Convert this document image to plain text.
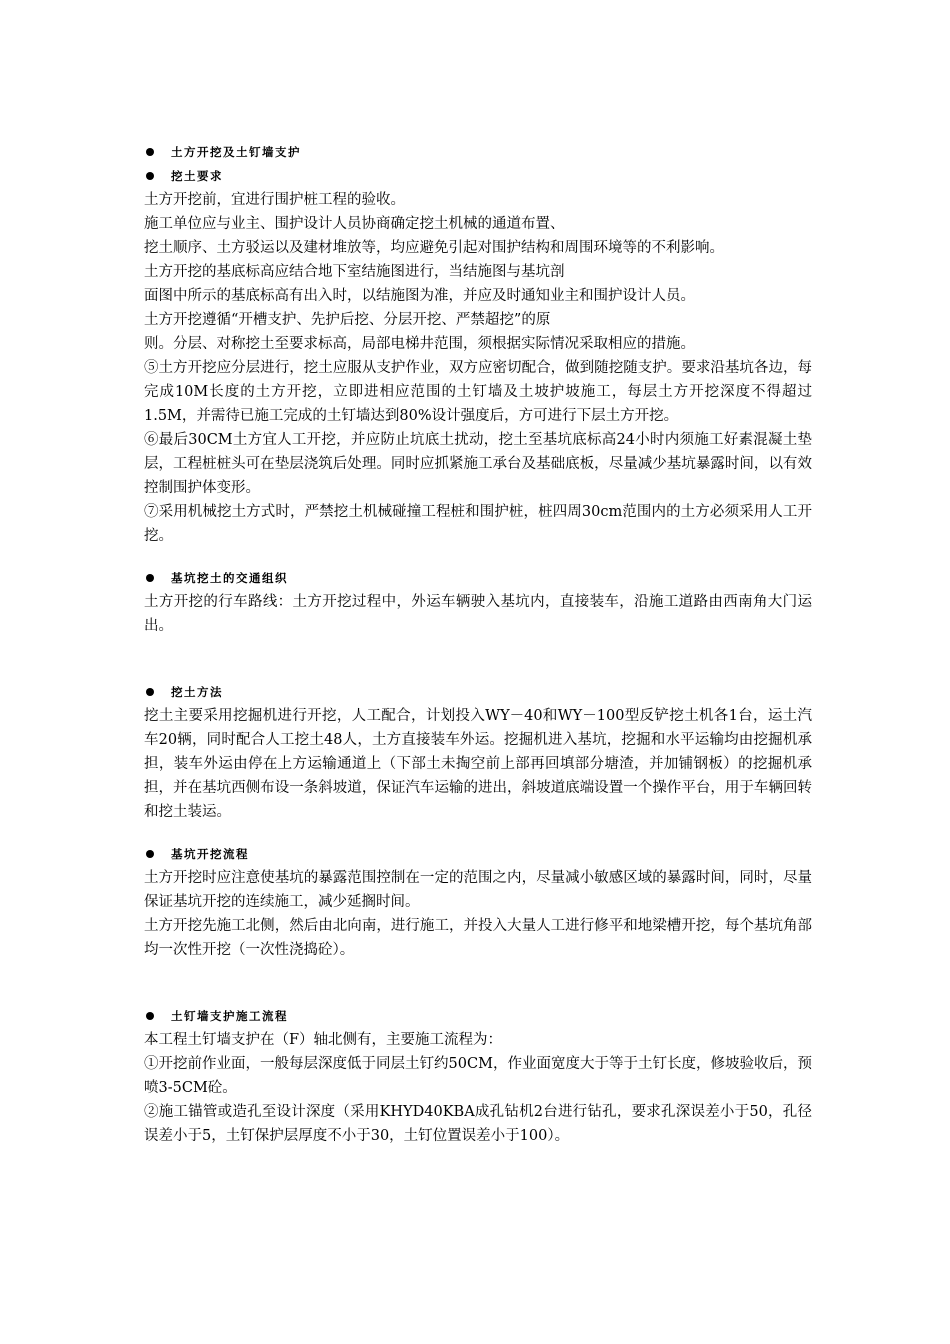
土方开挖及土钉墙支护
挖土要求
土方开挖前，宜进行围护桩工程的验收。
施工单位应与业主、围护设计人员协商确定挖土机械的通道布置、
挖土顺序、土方驳运以及建材堆放等，均应避免引起对围护结构和周围环境等的不利影响。
土方开挖的基底标高应结合地下室结施图进行，当结施图与基坑剖
面图中所示的基底标高有出入时，以结施图为准，并应及时通知业主和围护设计人员。
土方开挖遵循“开槽支护、先护后挖、分层开挖、严禁超挖”的原
则。分层、对称挖土至要求标高，局部电梯井范围，须根据实际情况采取相应的措施。
⑤土方开挖应分层进行，挖土应服从支护作业，双方应密切配合，做到随挖随支护。要求沿基坑各边，每完成10M长度的土方开挖，立即进相应范围的土钉墙及土坡护坡施工，每层土方开挖深度不得超过1.5M，并需待已施工完成的土钉墙达到80%设计强度后，方可进行下层土方开挖。
⑥最后30CM土方宜人工开挖，并应防止坑底土扰动，挖土至基坑底标高24小时内须施工好素混凝土垫层，工程桩桩头可在垫层浇筑后处理。同时应抓紧施工承台及基础底板，尽量减少基坑暴露时间，以有效控制围护体变形。
⑦采用机械挖土方式时，严禁挖土机械碰撞工程桩和围护桩，桩四周30cm范围内的土方必须采用人工开挖。
基坑挖土的交通组织
土方开挖的行车路线：土方开挖过程中，外运车辆驶入基坑内，直接装车，沿施工道路由西南角大门运出。
挖土方法
挖土主要采用挖掘机进行开挖，人工配合，计划投入WY－40和WY－100型反铲挖土机各1台，运土汽车20辆，同时配合人工挖土48人，土方直接装车外运。挖掘机进入基坑，挖掘和水平运输均由挖掘机承担，装车外运由停在上方运输通道上（下部土未掏空前上部再回填部分塘渣，并加铺钢板）的挖掘机承担，并在基坑西侧布设一条斜坡道，保证汽车运输的进出，斜坡道底端设置一个操作平台，用于车辆回转和挖土装运。
基坑开挖流程
土方开挖时应注意使基坑的暴露范围控制在一定的范围之内，尽量减小敏感区域的暴露时间，同时，尽量保证基坑开挖的连续施工，减少延搁时间。
土方开挖先施工北侧，然后由北向南，进行施工，并投入大量人工进行修平和地梁槽开挖，每个基坑角部均一次性开挖（一次性浇捣砼）。
土钉墙支护施工流程
本工程土钉墙支护在（F）轴北侧有，主要施工流程为：
①开挖前作业面，一般每层深度低于同层土钉约50CM，作业面宽度大于等于土钉长度，修坡验收后，预喷3-5CM砼。
②施工锚管或造孔至设计深度（采用KHYD40KBA成孔钻机2台进行钻孔，要求孔深误差小于50，孔径误差小于5，土钉保护层厚度不小于30，土钉位置误差小于100）。
